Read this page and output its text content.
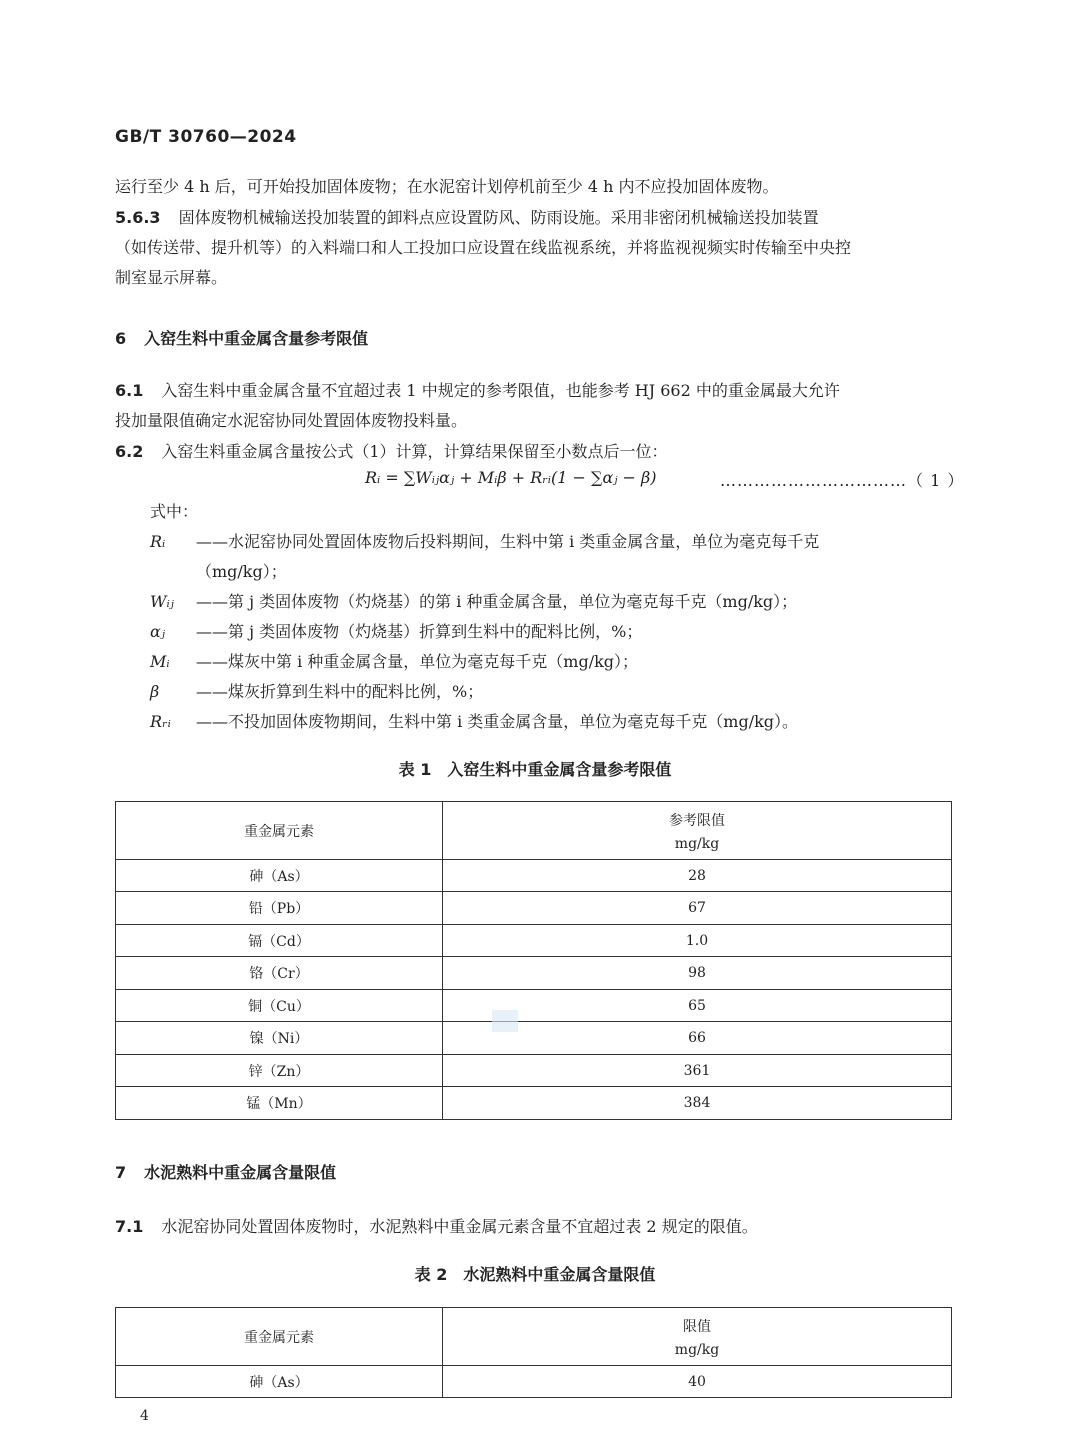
GB/T 30760—2024
运行至少 4 h 后，可开始投加固体废物；在水泥窑计划停机前至少 4 h 内不应投加固体废物。
5.6.3 固体废物机械输送投加装置的卸料点应设置防风、防雨设施。采用非密闭机械输送投加装置
（如传送带、提升机等）的入料端口和人工投加口应设置在线监视系统，并将监视视频实时传输至中央控
制室显示屏幕。
6 入窑生料中重金属含量参考限值
6.1 入窑生料中重金属含量不宜超过表 1 中规定的参考限值，也能参考 HJ 662 中的重金属最大允许
投加量限值确定水泥窑协同处置固体废物投料量。
6.2 入窑生料重金属含量按公式（1）计算，计算结果保留至小数点后一位：
Rᵢ = ∑Wᵢⱼαⱼ + Mᵢβ + Rᵣᵢ(1 − ∑αⱼ − β)	……………………………（ 1 ）
式中：
Rᵢ ——水泥窑协同处置固体废物后投料期间，生料中第 i 类重金属含量，单位为毫克每千克
（mg/kg）；
Wᵢⱼ ——第 j 类固体废物（灼烧基）的第 i 种重金属含量，单位为毫克每千克（mg/kg）；
αⱼ ——第 j 类固体废物（灼烧基）折算到生料中的配料比例，%；
Mᵢ ——煤灰中第 i 种重金属含量，单位为毫克每千克（mg/kg）；
β ——煤灰折算到生料中的配料比例，%；
Rᵣᵢ ——不投加固体废物期间，生料中第 i 类重金属含量，单位为毫克每千克（mg/kg）。
表 1　入窑生料中重金属含量参考限值
重金属元素	参考限值
mg/kg

砷（As）	28
铅（Pb）	67
镉（Cd）	1.0
铬（Cr）	98
铜（Cu）	65
镍（Ni）	66
锌（Zn）	361
锰（Mn）	384
7 水泥熟料中重金属含量限值
7.1 水泥窑协同处置固体废物时，水泥熟料中重金属元素含量不宜超过表 2 规定的限值。
表 2　水泥熟料中重金属含量限值
重金属元素	限值
mg/kg

砷（As）	40
4
